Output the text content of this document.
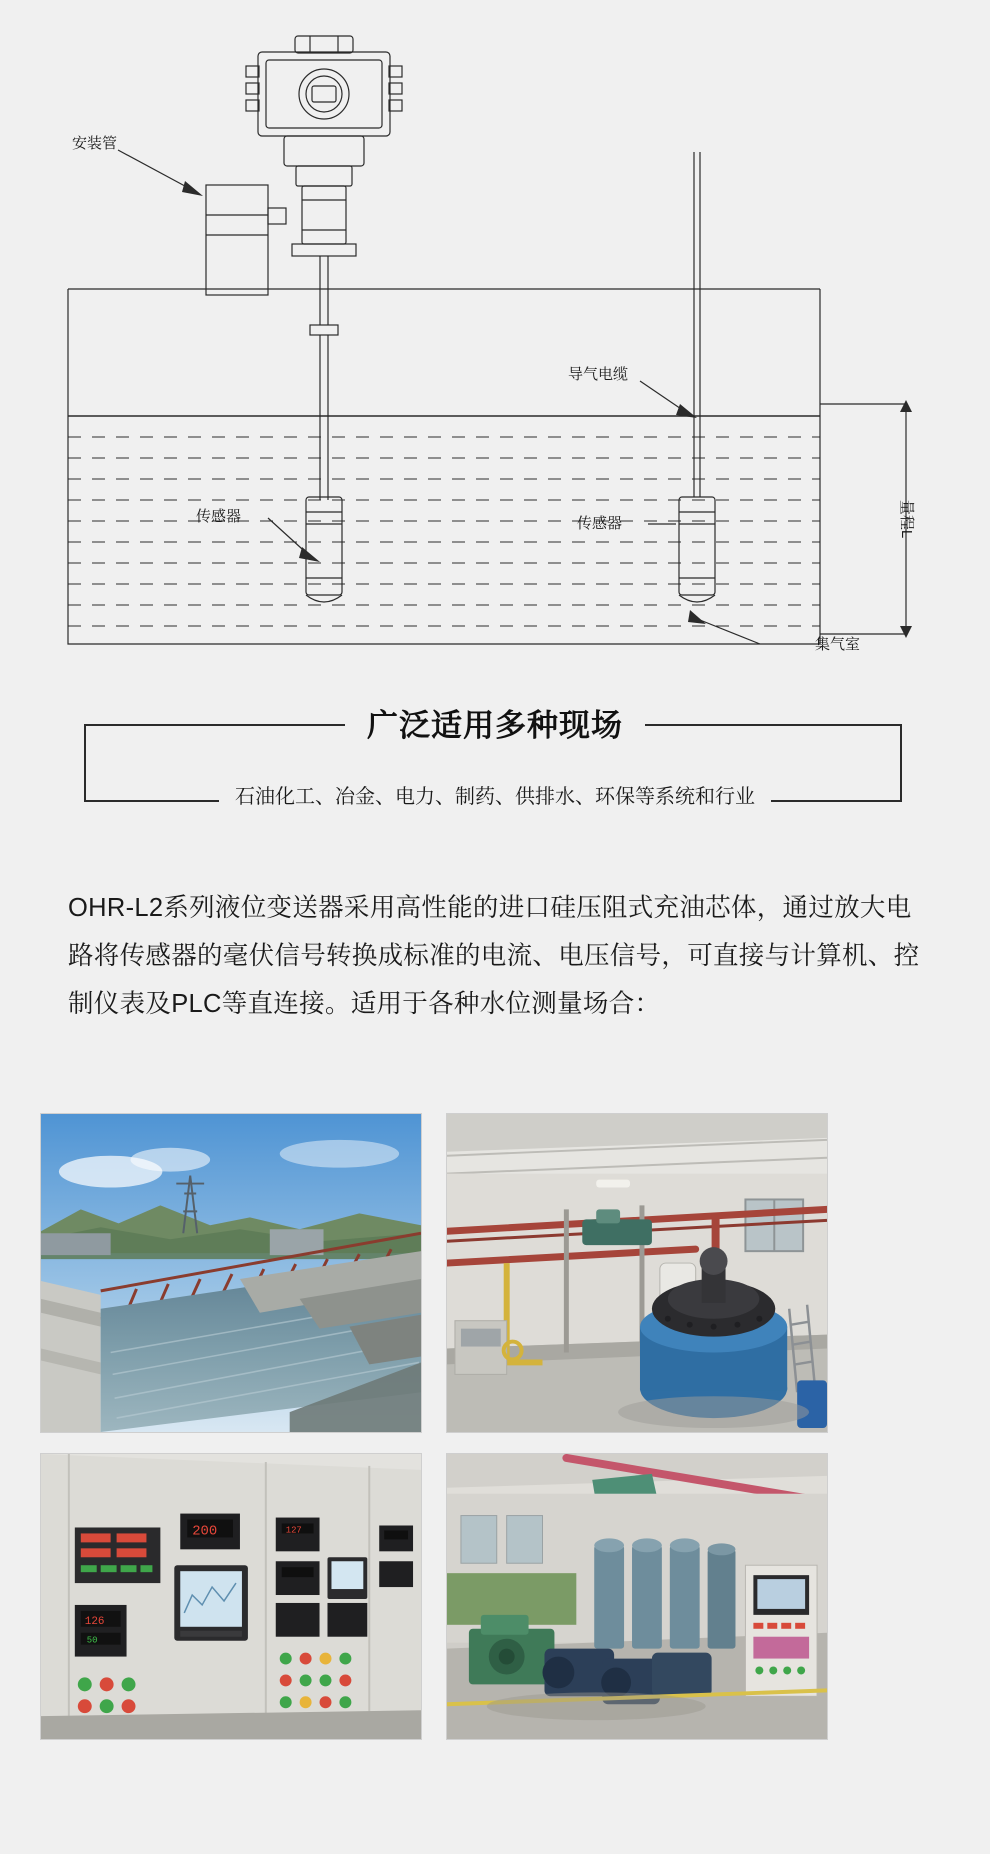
安装管
导气电缆
传感器	传感器
集气室
量程L
广泛适用多种现场
石油化工、冶金、电力、制药、供排水、环保等系统和行业
OHR-L2系列液位变送器采用高性能的进口硅压阻式充油芯体，通过放大电路将传感器的毫伏信号转换成标准的电流、电压信号，可直接与计算机、控制仪表及PLC等直连接。适用于各种水位测量场合：
126
50
200	127
